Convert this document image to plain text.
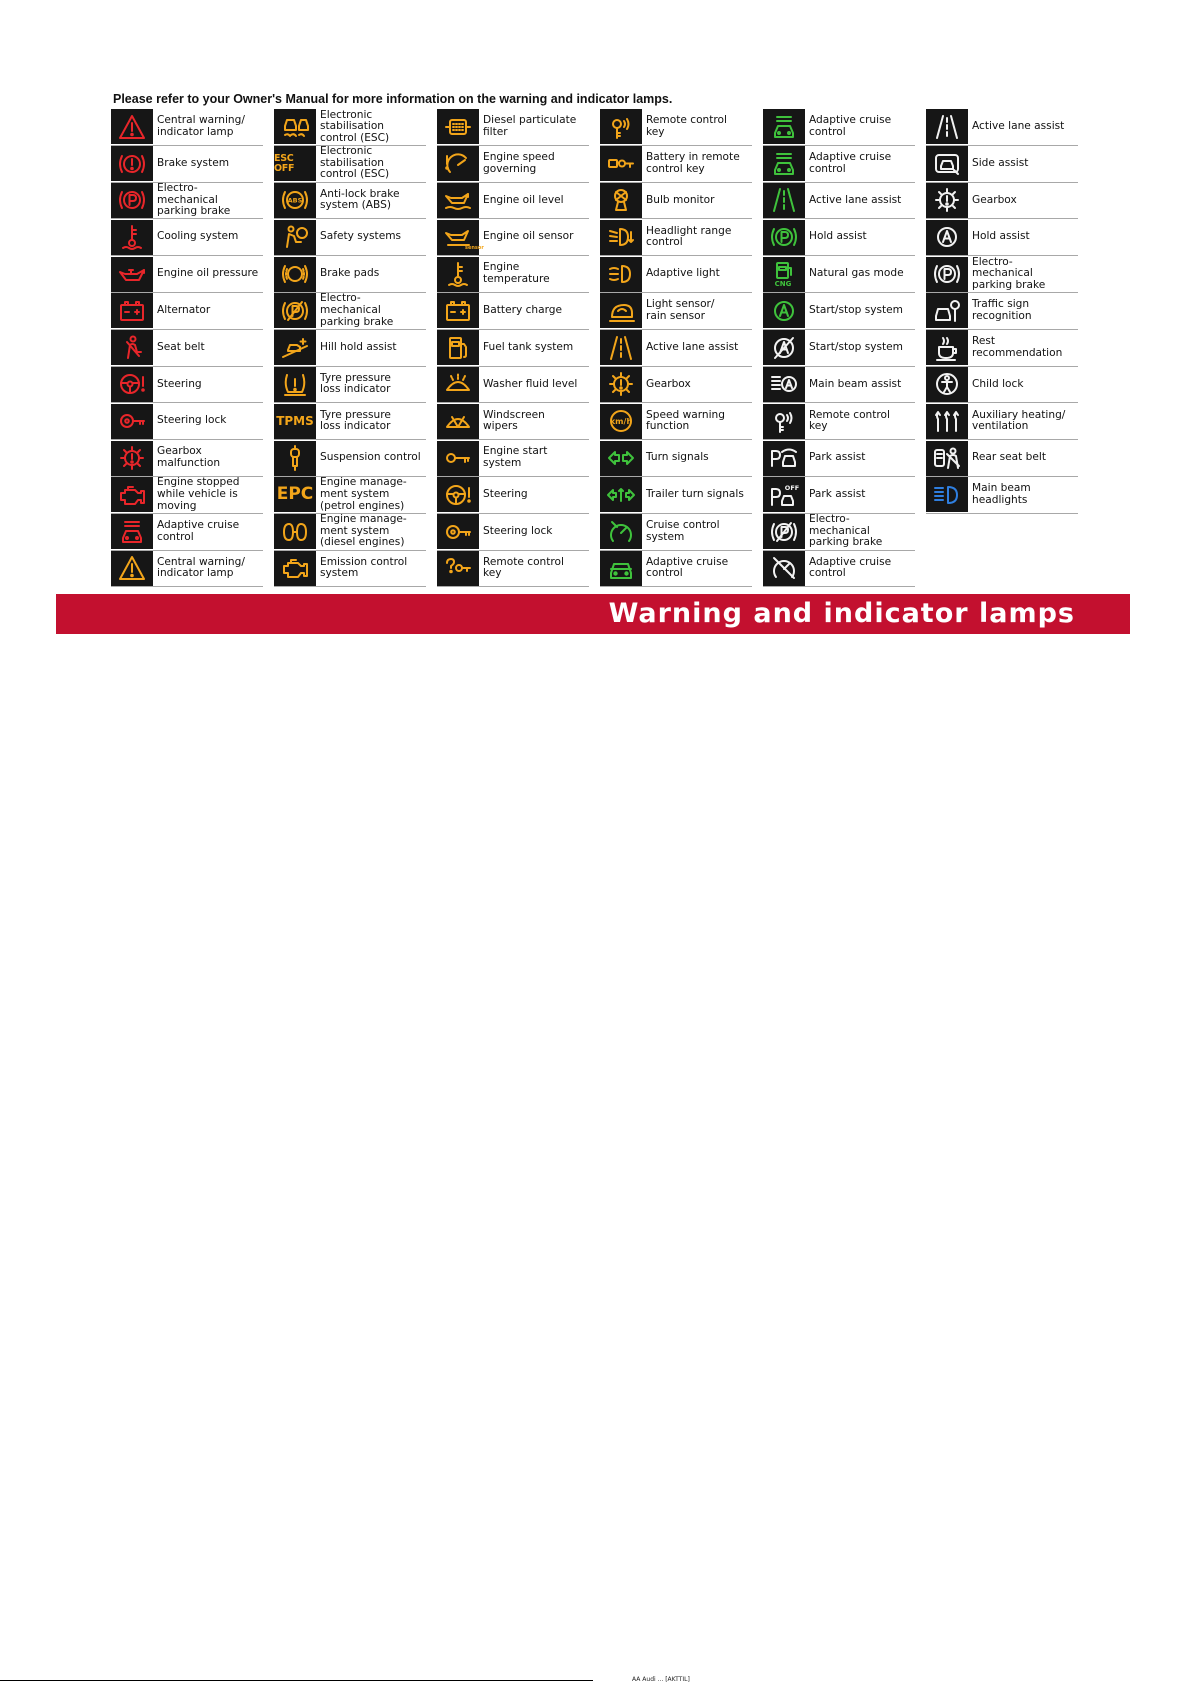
Please refer to your Owner's Manual for more information on the warning and indicator lamps.
Central warning/
indicator lamp
Brake system
Electro-
mechanical
parking brake
Cooling system
Engine oil pressure
Alternator
Seat belt
Steering
Steering lock
Gearbox
malfunction
Engine stopped
while vehicle is
moving
Adaptive cruise
control
Central warning/
indicator lamp
Electronic
stabilisation
control (ESC)
ESC OFF
Electronic
stabilisation
control (ESC)
ABS
Anti-lock brake
system (ABS)
Safety systems
Brake pads
Electro-
mechanical
parking brake
Hill hold assist
Tyre pressure
loss indicator
TPMS Tyre pressure
loss indicator
Suspension control
EPC
Engine manage-
ment system
(petrol engines)
Engine manage-
ment system
(diesel engines)
Emission control
system
Diesel particulate
filter
Engine speed
governing
Engine oil level
sensor
Engine oil sensor
Engine
temperature
Battery charge
Fuel tank system
Washer fluid level
Windscreen
wipers
Engine start
system
Steering
Steering lock
Remote control
key
Remote control
key
Battery in remote
control key
Bulb monitor
Headlight range
control
Adaptive light
Light sensor/
rain sensor
Active lane assist
Gearbox
km/h
Speed warning
function
Turn signals
Trailer turn signals
Cruise control
system
Adaptive cruise
control
Adaptive cruise
control
Adaptive cruise
control
Active lane assist
Hold assist
CNG
Natural gas mode
Start/stop system
Start/stop system
Main beam assist
Remote control
key
Park assist
OFF
Park assist
Electro-
mechanical
parking brake
Adaptive cruise
control
Active lane assist
Side assist
Gearbox
Hold assist
Electro-
mechanical
parking brake
Traffic sign
recognition
Rest
recommendation
Child lock
Auxiliary heating/
ventilation
Rear seat belt
Main beam
headlights
Warning and indicator lamps
AA Audi ... [AKTTIL]
